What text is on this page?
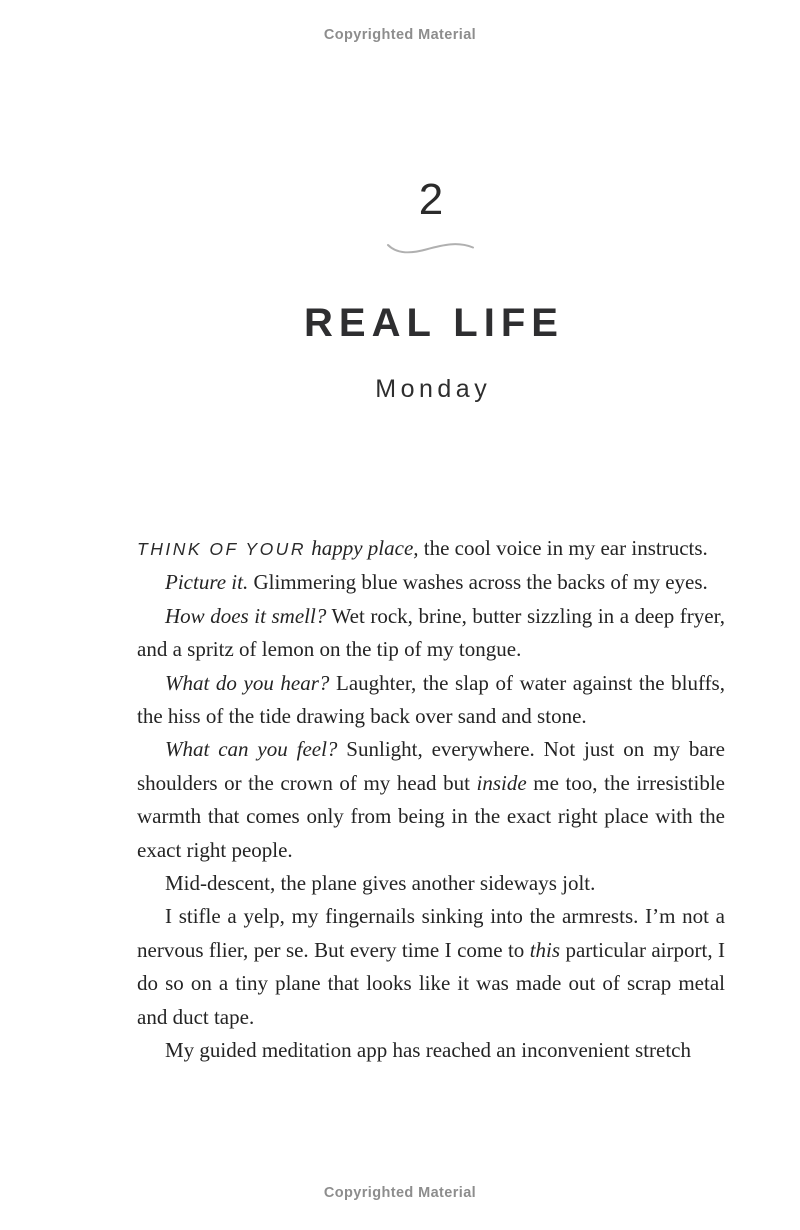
Copyrighted Material
2
REAL LIFE
Monday

THINK OF YOUR happy place, the cool voice in my ear instructs.

Picture it. Glimmering blue washes across the backs of my eyes.

How does it smell? Wet rock, brine, butter sizzling in a deep fryer, and a spritz of lemon on the tip of my tongue.

What do you hear? Laughter, the slap of water against the bluffs, the hiss of the tide drawing back over sand and stone.

What can you feel? Sunlight, everywhere. Not just on my bare shoulders or the crown of my head but inside me too, the irresistible warmth that comes only from being in the exact right place with the exact right people.

Mid-descent, the plane gives another sideways jolt.

I stifle a yelp, my fingernails sinking into the armrests. I’m not a nervous flier, per se. But every time I come to this particular airport, I do so on a tiny plane that looks like it was made out of scrap metal and duct tape.

My guided meditation app has reached an inconvenient stretch

Copyrighted Material
